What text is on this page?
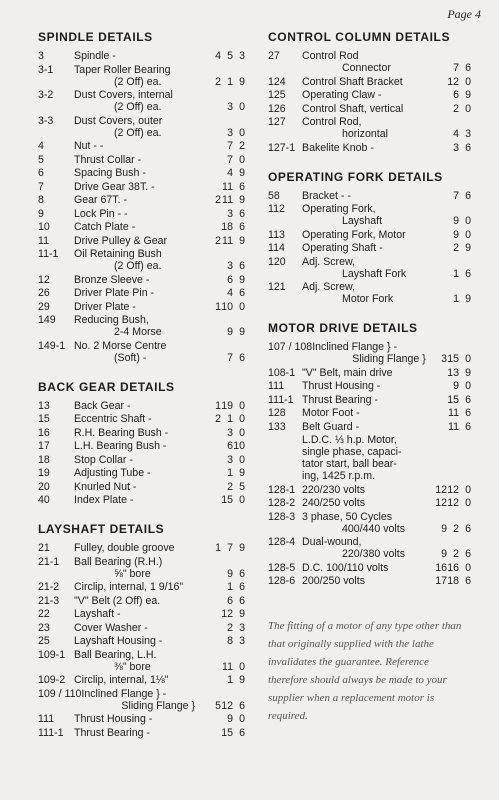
Page 4
SPINDLE DETAILS
3	Spindle -	4 5 3
3-1	Taper Roller Bearing
(2 Off) ea.	2 1 9
3-2	Dust Covers, internal
(2 Off) ea.	3 0
3-3	Dust Covers, outer
(2 Off) ea.	3 0
4	Nut - -	7 2
5	Thrust Collar -	7 0
6	Spacing Bush -	4 9
7	Drive Gear 38T. -	11 6
8	Gear 67T. -	2 11 9
9	Lock Pin - -	3 6
10	Catch Plate -	18 6
11	Drive Pulley & Gear	2 11 9
11-1	Oil Retaining Bush
(2 Off) ea.	3 6
12	Bronze Sleeve -	6 9
26	Driver Plate Pin -	4 6
29	Driver Plate -	1 10 0
149	Reducing Bush,
2-4 Morse	9 9
149-1 No. 2 Morse Centre
(Soft) -	7 6
BACK GEAR DETAILS
13	Back Gear -	1 19 0
15	Eccentric Shaft -	2 1 0
16	R.H. Bearing Bush -	3 0
17	L.H. Bearing Bush -	6 10
18	Stop Collar -	3 0
19	Adjusting Tube -	1 9
20	Knurled Nut -	2 5
40	Index Plate -	15 0
LAYSHAFT DETAILS
21	Fulley, double groove	1 7 9
21-1	Ball Bearing (R.H.)
⅝" bore	9 6
21-2	Circlip, internal, 1 9/16"	1 6
21-3	"V" Belt (2 Off) ea.	6 6
22	Layshaft -	12 9
23	Cover Washer -	2 3
25	Layshaft Housing -	8 3
109-1 Ball Bearing, L.H.
⅜" bore	11 0
109-2 Circlip, internal, 1⅛"	1 9
109 / 110 Inclined Flange } -
Sliding Flange }	5 12 6
111	Thrust Housing -	9 0
111-1 Thrust Bearing -	15 6
CONTROL COLUMN DETAILS
27	Control Rod
Connector	7 6
124	Control Shaft Bracket	12 0
125	Operating Claw -	6 9
126	Control Shaft, vertical	2 0
127	Control Rod,
horizontal	4 3
127-1 Bakelite Knob -	3 6
OPERATING FORK DETAILS
58	Bracket - -	7 6
112	Operating Fork,
Layshaft	9 0
113	Operating Fork, Motor	9 0
114	Operating Shaft -	2 9
120	Adj. Screw,
Layshaft Fork	1 6
121	Adj. Screw,
Motor Fork	1 9
MOTOR DRIVE DETAILS
107 / 108 Inclined Flange } -
Sliding Flange }	3 15 0
108-1 "V" Belt, main drive	13 9
111	Thrust Housing -	9 0
111-1 Thrust Bearing -	15 6
128	Motor Foot -	11 6
133	Belt Guard -	11 6
L.D.C. ⅓ h.p. Motor,
single phase, capaci-
tator start, ball bear-
ing, 1425 r.p.m.
128-1 220/230 volts	12 12 0
128-2 240/250 volts	12 12 0
128-3 3 phase, 50 Cycles
400/440 volts	9 2 6
128-4 Dual-wound,
220/380 volts	9 2 6
128-5 D.C. 100/110 volts	16 16 0
128-6 200/250 volts	17 18 6
The fitting of a motor of any type other than that originally supplied with the lathe invalidates the guarantee. Reference therefore should always be made to your supplier when a replacement motor is required.
